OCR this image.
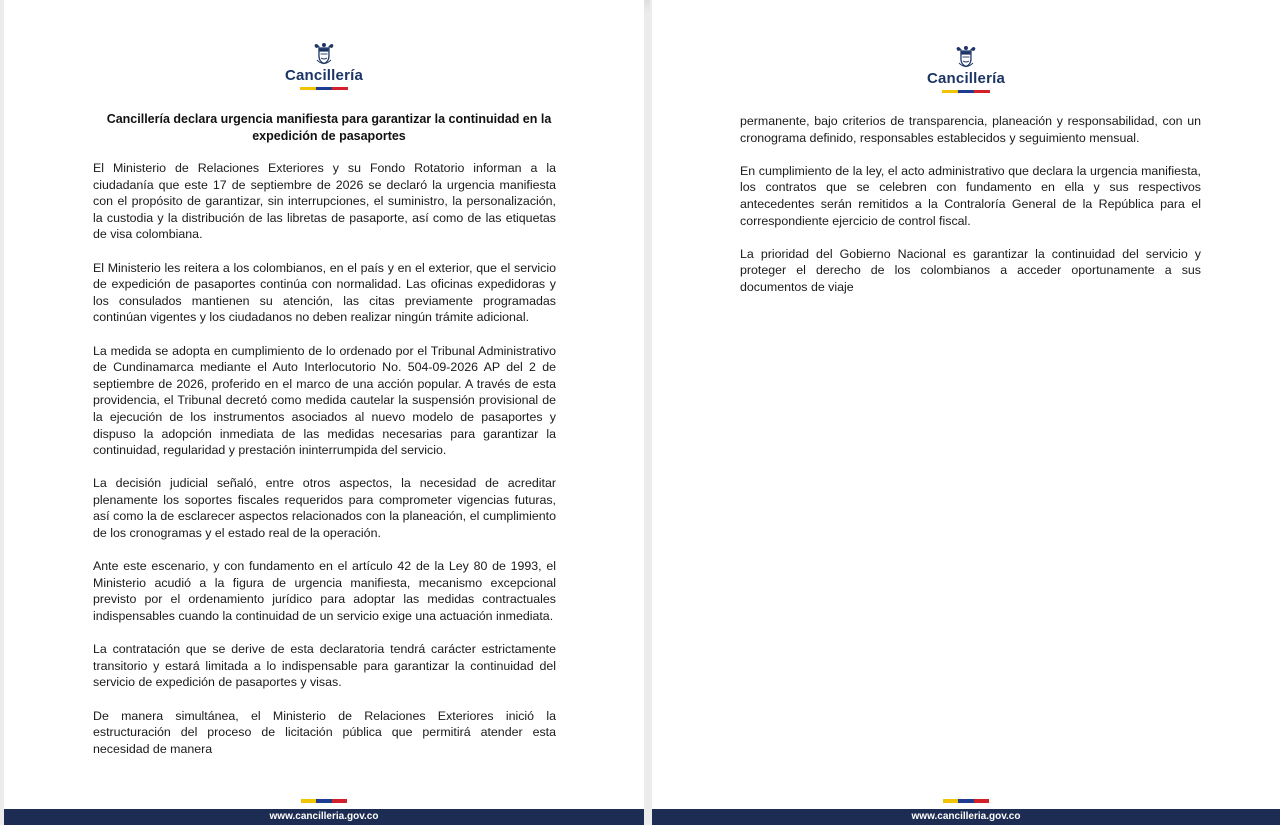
Cancillería
Cancillería declara urgencia manifiesta para garantizar la continuidad en la expedición de pasaportes

El Ministerio de Relaciones Exteriores y su Fondo Rotatorio informan a la ciudadanía que este 17 de septiembre de 2026 se declaró la urgencia manifiesta con el propósito de garantizar, sin interrupciones, el suministro, la personalización, la custodia y la distribución de las libretas de pasaporte, así como de las etiquetas de visa colombiana.

El Ministerio les reitera a los colombianos, en el país y en el exterior, que el servicio de expedición de pasaportes continúa con normalidad. Las oficinas expedidoras y los consulados mantienen su atención, las citas previamente programadas continúan vigentes y los ciudadanos no deben realizar ningún trámite adicional.

La medida se adopta en cumplimiento de lo ordenado por el Tribunal Administrativo de Cundinamarca mediante el Auto Interlocutorio No. 504-09-2026 AP del 2 de septiembre de 2026, proferido en el marco de una acción popular. A través de esta providencia, el Tribunal decretó como medida cautelar la suspensión provisional de la ejecución de los instrumentos asociados al nuevo modelo de pasaportes y dispuso la adopción inmediata de las medidas necesarias para garantizar la continuidad, regularidad y prestación ininterrumpida del servicio.

La decisión judicial señaló, entre otros aspectos, la necesidad de acreditar plenamente los soportes fiscales requeridos para comprometer vigencias futuras, así como la de esclarecer aspectos relacionados con la planeación, el cumplimiento de los cronogramas y el estado real de la operación.

Ante este escenario, y con fundamento en el artículo 42 de la Ley 80 de 1993, el Ministerio acudió a la figura de urgencia manifiesta, mecanismo excepcional previsto por el ordenamiento jurídico para adoptar las medidas contractuales indispensables cuando la continuidad de un servicio exige una actuación inmediata.

La contratación que se derive de esta declaratoria tendrá carácter estrictamente transitorio y estará limitada a lo indispensable para garantizar la continuidad del servicio de expedición de pasaportes y visas.

De manera simultánea, el Ministerio de Relaciones Exteriores inició la estructuración del proceso de licitación pública que permitirá atender esta necesidad de manera

www.cancilleria.gov.co
Cancillería

permanente, bajo criterios de transparencia, planeación y responsabilidad, con un cronograma definido, responsables establecidos y seguimiento mensual.

En cumplimiento de la ley, el acto administrativo que declara la urgencia manifiesta, los contratos que se celebren con fundamento en ella y sus respectivos antecedentes serán remitidos a la Contraloría General de la República para el correspondiente ejercicio de control fiscal.

La prioridad del Gobierno Nacional es garantizar la continuidad del servicio y proteger el derecho de los colombianos a acceder oportunamente a sus documentos de viaje

www.cancilleria.gov.co
